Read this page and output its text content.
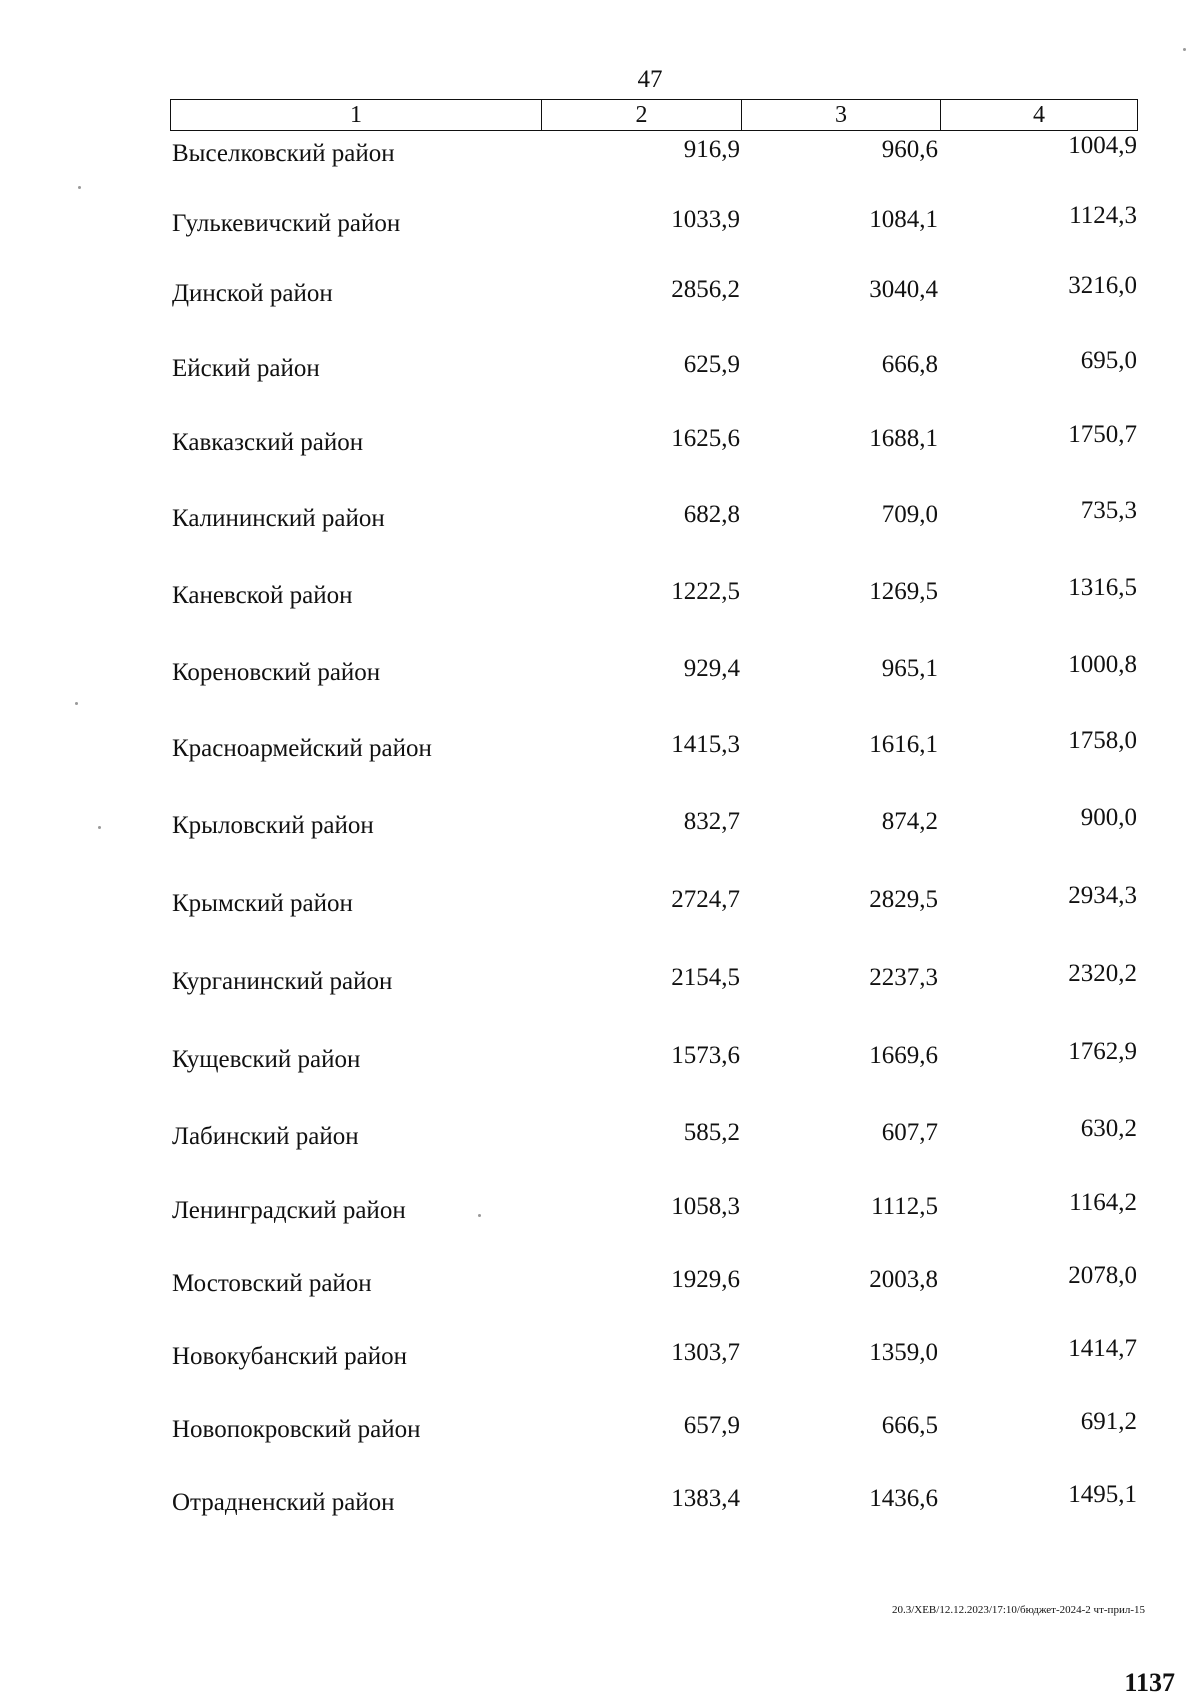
47
1	2	3	4
Выселковский район	916,9	960,6	1004,9
Гулькевичский район	1033,9	1084,1	1124,3
Динской район	2856,2	3040,4	3216,0
Ейский район	625,9	666,8	695,0
Кавказский район	1625,6	1688,1	1750,7
Калининский район	682,8	709,0	735,3
Каневской район	1222,5	1269,5	1316,5
Кореновский район	929,4	965,1	1000,8
Красноармейский район	1415,3	1616,1	1758,0
Крыловский район	832,7	874,2	900,0
Крымский район	2724,7	2829,5	2934,3
Курганинский район	2154,5	2237,3	2320,2
Кущевский район	1573,6	1669,6	1762,9
Лабинский район	585,2	607,7	630,2
Ленинградский район	1058,3	1112,5	1164,2
Мостовский район	1929,6	2003,8	2078,0
Новокубанский район	1303,7	1359,0	1414,7
Новопокровский район	657,9	666,5	691,2
Отрадненский район	1383,4	1436,6	1495,1
20.3/ХЕВ/12.12.2023/17:10/бюджет-2024-2 чт-прил-15
1137
